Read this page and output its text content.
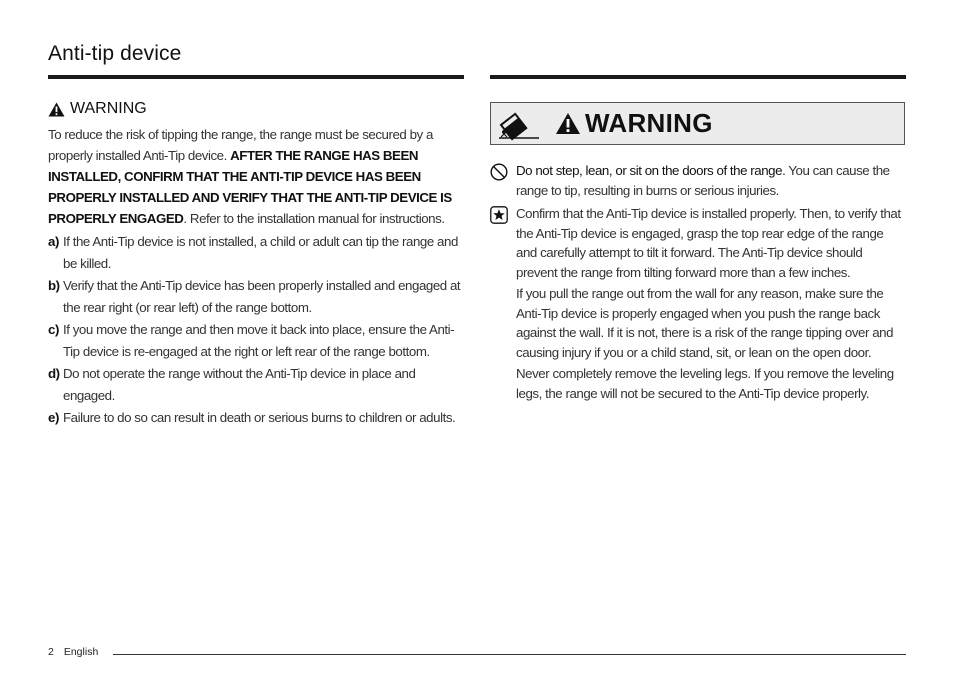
Anti-tip device
WARNING

To reduce the risk of tipping the range, the range must be secured by a properly installed Anti-Tip device. AFTER THE RANGE HAS BEEN INSTALLED, CONFIRM THAT THE ANTI-TIP DEVICE HAS BEEN PROPERLY INSTALLED AND VERIFY THAT THE ANTI-TIP DEVICE IS PROPERLY ENGAGED. Refer to the installation manual for instructions.

a) If the Anti-Tip device is not installed, a child or adult can tip the range and be killed.
b) Verify that the Anti-Tip device has been properly installed and engaged at the rear right (or rear left) of the range bottom.
c) If you move the range and then move it back into place, ensure the Anti-Tip device is re-engaged at the right or left rear of the range bottom.
d) Do not operate the range without the Anti-Tip device in place and engaged.
e) Failure to do so can result in death or serious burns to children or adults.
WARNING
Do not step, lean, or sit on the doors of the range. You can cause the range to tip, resulting in burns or serious injuries.

Confirm that the Anti-Tip device is installed properly. Then, to verify that the Anti-Tip device is engaged, grasp the top rear edge of the range and carefully attempt to tilt it forward. The Anti-Tip device should prevent the range from tilting forward more than a few inches.

If you pull the range out from the wall for any reason, make sure the Anti-Tip device is properly engaged when you push the range back against the wall. If it is not, there is a risk of the range tipping over and causing injury if you or a child stand, sit, or lean on the open door.

Never completely remove the leveling legs. If you remove the leveling legs, the range will not be secured to the Anti-Tip device properly.

2 English
